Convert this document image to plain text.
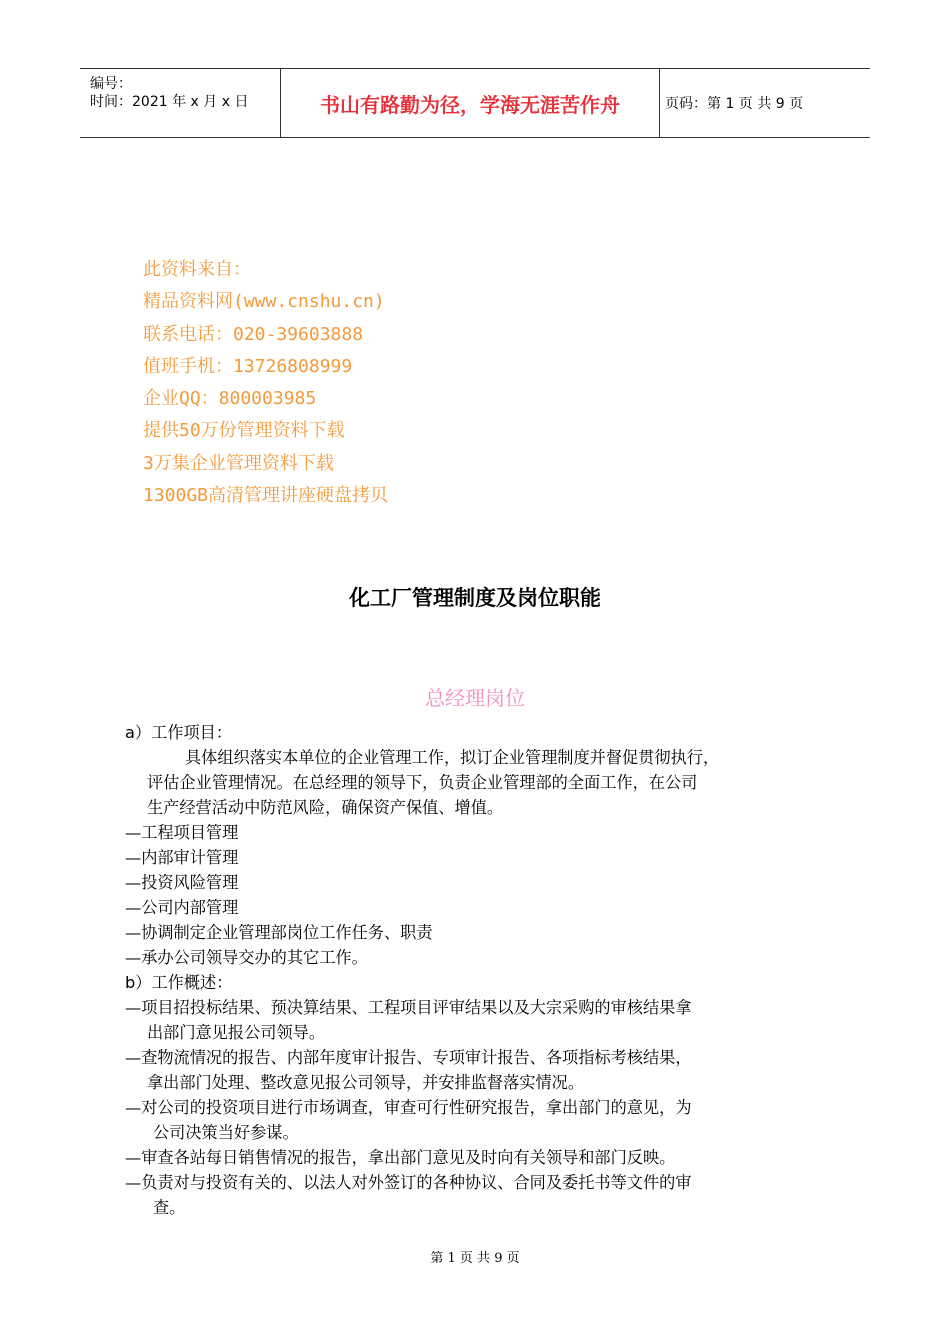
编号：
时间：2021 年 x 月 x 日	书山有路勤为径，学海无涯苦作舟	页码：第 1 页 共 9 页
此资料来自：
精品资料网(www.cnshu.cn)
联系电话：020-39603888
值班手机：13726808999
企业QQ：800003985
提供50万份管理资料下载
3万集企业管理资料下载
1300GB高清管理讲座硬盘拷贝
化工厂管理制度及岗位职能
总经理岗位
a）工作项目：
具体组织落实本单位的企业管理工作，拟订企业管理制度并督促贯彻执行，
评估企业管理情况。在总经理的领导下，负责企业管理部的全面工作，在公司
生产经营活动中防范风险，确保资产保值、增值。
—工程项目管理
—内部审计管理
—投资风险管理
—公司内部管理
—协调制定企业管理部岗位工作任务、职责
—承办公司领导交办的其它工作。
b）工作概述：
—项目招投标结果、预决算结果、工程项目评审结果以及大宗采购的审核结果拿
出部门意见报公司领导。
—查物流情况的报告、内部年度审计报告、专项审计报告、各项指标考核结果，
拿出部门处理、整改意见报公司领导，并安排监督落实情况。
—对公司的投资项目进行市场调查，审查可行性研究报告，拿出部门的意见，为
公司决策当好参谋。
—审查各站每日销售情况的报告，拿出部门意见及时向有关领导和部门反映。
—负责对与投资有关的、以法人对外签订的各种协议、合同及委托书等文件的审
查。
第 1 页 共 9 页
